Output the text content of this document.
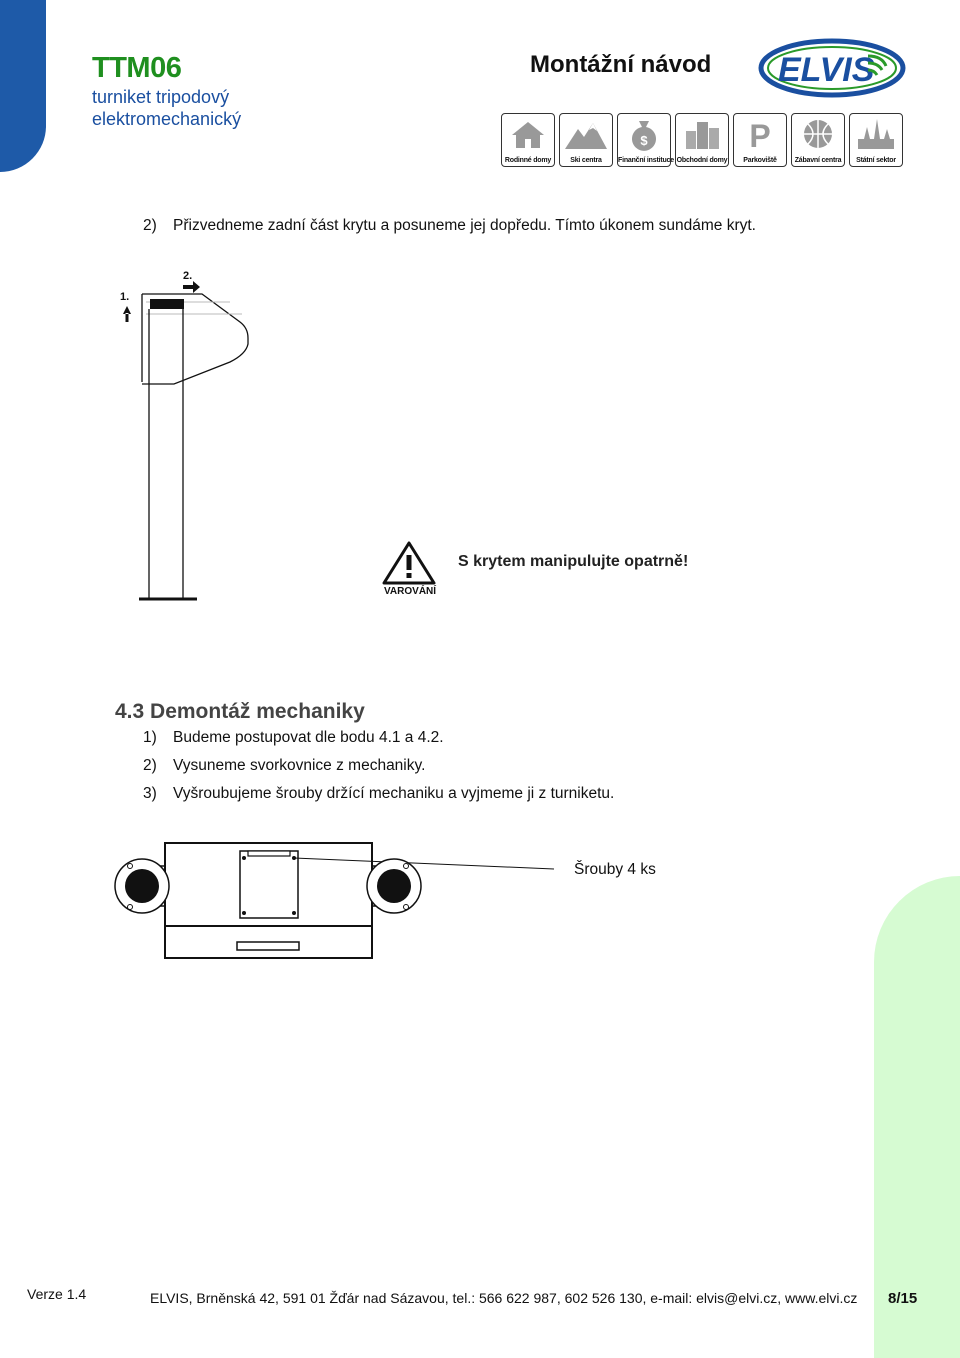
TTM06
turniket tripodový
elektromechanický
Montážní návod ELVIS
Rodinné domy	Ski centra
$
Finanční instituce Obchodní domy
P
Parkoviště	Zábavní centra	Státní sektor
2) Přizvedneme zadní část krytu a posuneme jej dopředu. Tímto úkonem sundáme kryt.
1.
2.
VAROVÁNÍ
S krytem manipulujte opatrně!
4.3 Demontáž mechaniky
1) Budeme postupovat dle bodu 4.1 a 4.2.
2) Vysuneme svorkovnice z mechaniky.
3) Vyšroubujeme šrouby držící mechaniku a vyjmeme ji z turniketu.
Šrouby 4 ks
Verze 1.4	ELVIS, Brněnská 42, 591 01 Žďár nad Sázavou, tel.: 566 622 987, 602 526 130, e-mail: elvis@elvi.cz, www.elvi.cz 8/15
